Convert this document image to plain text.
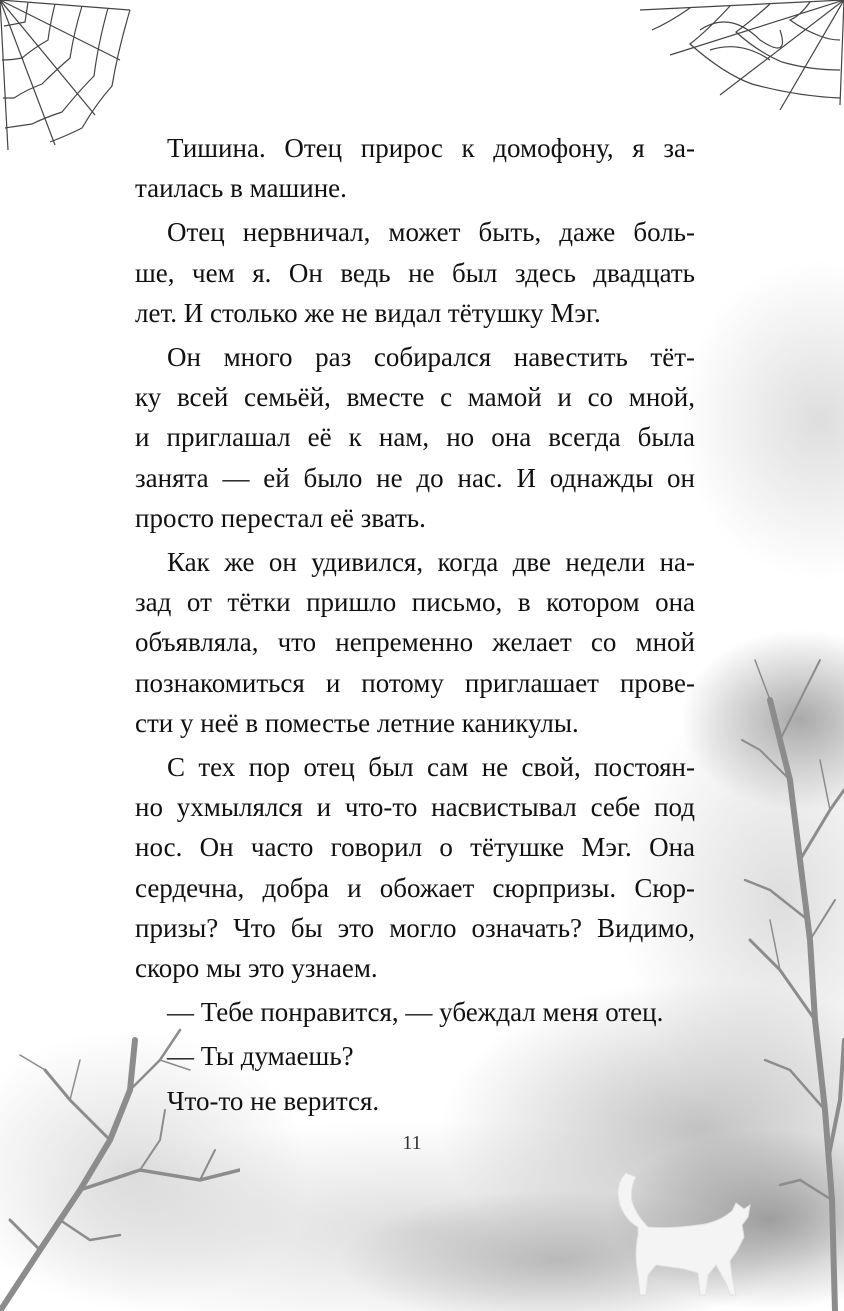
Тишина. Отец прирос к домофону, я за-
таилась в машине.

Отец нервничал, может быть, даже боль-
ше, чем я. Он ведь не был здесь двадцать
лет. И столько же не видал тётушку Мэг.

Он много раз собирался навестить тёт-
ку всей семьёй, вместе с мамой и со мной,
и приглашал её к нам, но она всегда была
занята — ей было не до нас. И однажды он
просто перестал её звать.

Как же он удивился, когда две недели на-
зад от тётки пришло письмо, в котором она
объявляла, что непременно желает со мной
познакомиться и потому приглашает прове-
сти у неё в поместье летние каникулы.

С тех пор отец был сам не свой, постоян-
но ухмылялся и что-то насвистывал себе под
нос. Он часто говорил о тётушке Мэг. Она
сердечна, добра и обожает сюрпризы. Сюр-
призы? Что бы это могло означать? Видимо,
скоро мы это узнаем.

— Тебе понравится, — убеждал меня отец.

— Ты думаешь?

Что-то не верится.

11
